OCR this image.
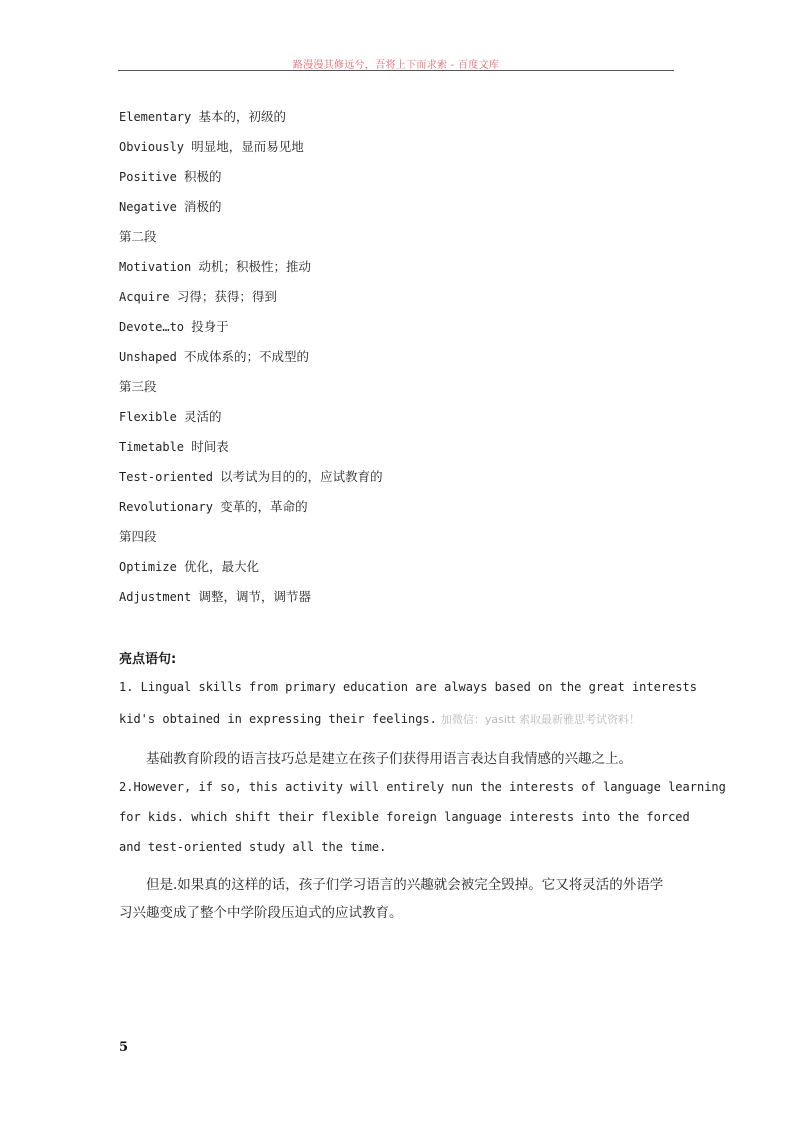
路漫漫其修远兮，吾将上下而求索 - 百度文库
Elementary 基本的，初级的
Obviously 明显地，显而易见地
Positive 积极的
Negative 消极的
第二段
Motivation 动机；积极性；推动
Acquire 习得；获得；得到
Devote…to 投身于
Unshaped 不成体系的；不成型的
第三段
Flexible 灵活的
Timetable 时间表
Test-oriented 以考试为目的的，应试教育的
Revolutionary 变革的，革命的
第四段
Optimize 优化，最大化
Adjustment 调整，调节，调节器
亮点语句:
1. Lingual skills from primary education are always based on the great interests
kid's obtained in expressing their feelings. 加微信：yasitt 索取最新雅思考试资料！
基础教育阶段的语言技巧总是建立在孩子们获得用语言表达自我情感的兴趣之上。
2.However, if so, this activity will entirely nun the interests of language learning
for kids. which shift their flexible foreign language interests into the forced
and test-oriented study all the time.
但是.如果真的这样的话，孩子们学习语言的兴趣就会被完全毁掉。它又将灵活的外语学
习兴趣变成了整个中学阶段压迫式的应试教育。
5
